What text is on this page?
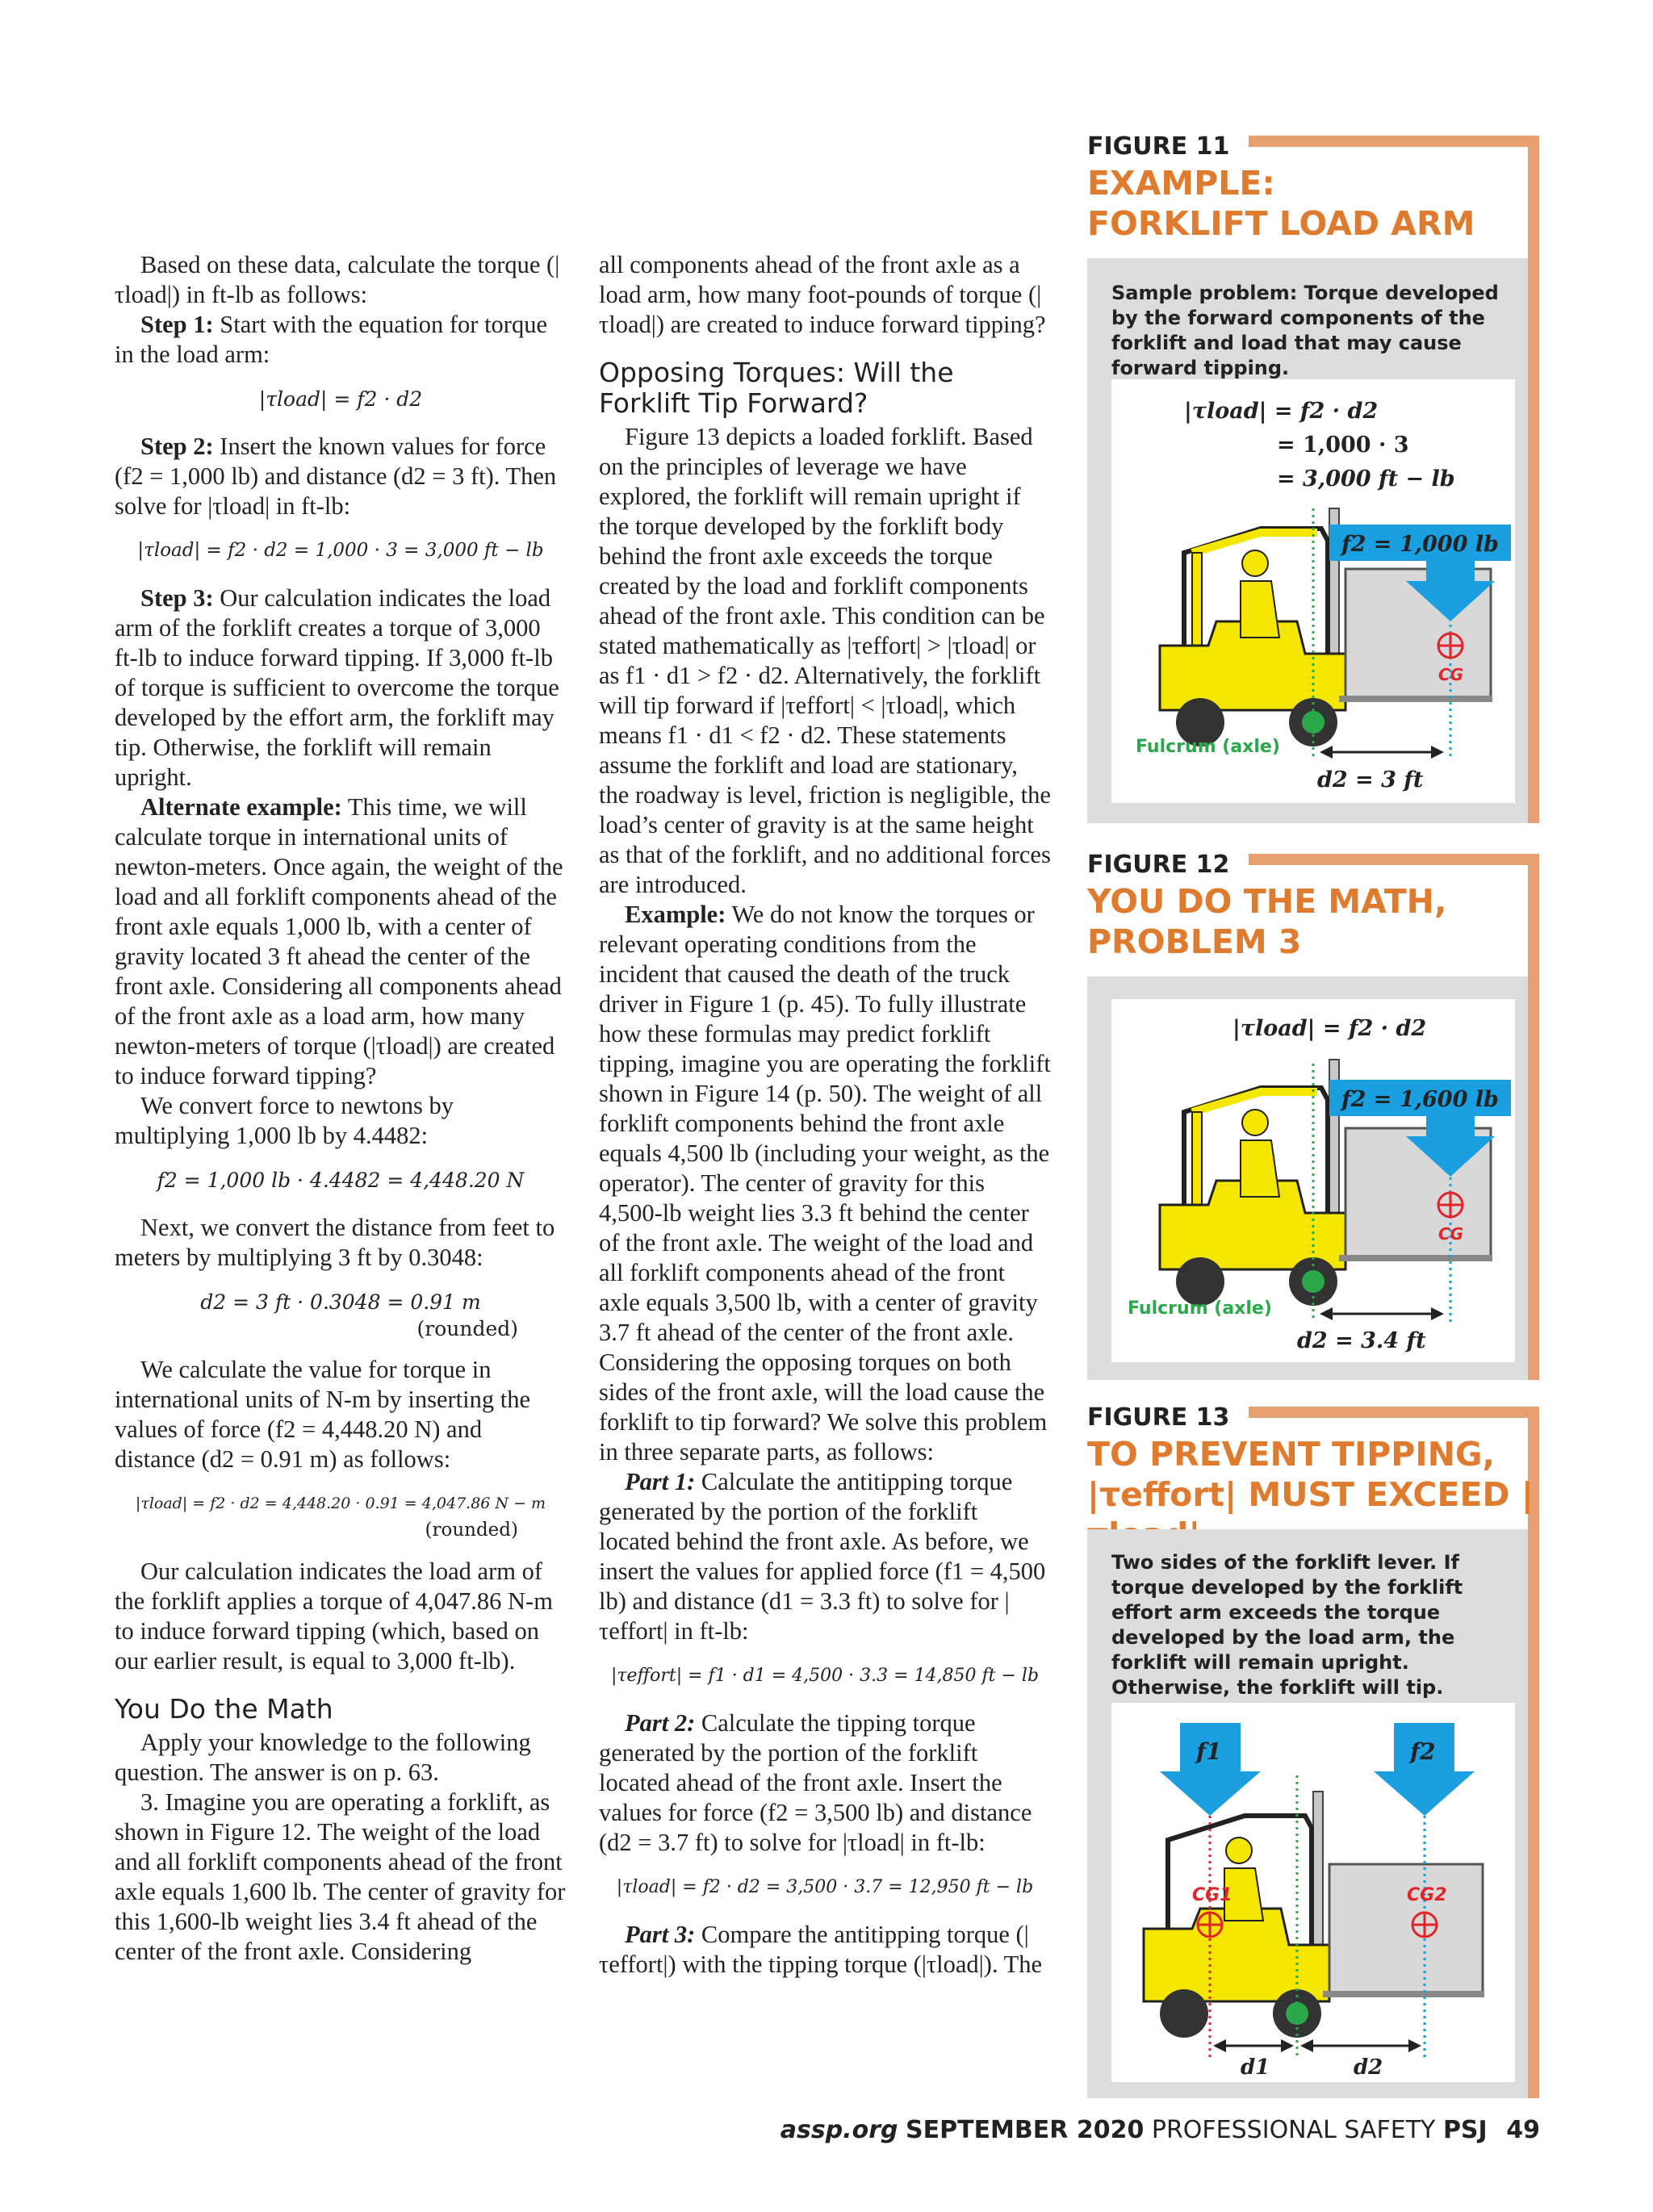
Based on these data, calculate the torque (|τload|) in ft-lb as follows:

Step 1: Start with the equation for torque in the load arm:

|τload| = f2 · d2

Step 2: Insert the known values for force (f2 = 1,000 lb) and distance (d2 = 3 ft). Then solve for |τload| in ft-lb:

|τload| = f2 · d2 = 1,000 · 3 = 3,000 ft − lb

Step 3: Our calculation indicates the load arm of the forklift creates a torque of 3,000 ft-lb to induce forward tipping. If 3,000 ft-lb of torque is sufficient to overcome the torque developed by the effort arm, the forklift may tip. Otherwise, the forklift will remain upright.

Alternate example: This time, we will calculate torque in international units of newton-meters. Once again, the weight of the load and all forklift components ahead of the front axle equals 1,000 lb, with a center of gravity located 3 ft ahead the center of the front axle. Considering all components ahead of the front axle as a load arm, how many newton-meters of torque (|τload|) are created to induce forward tipping?

We convert force to newtons by multiplying 1,000 lb by 4.4482:

f2 = 1,000 lb · 4.4482 = 4,448.20 N

Next, we convert the distance from feet to meters by multiplying 3 ft by 0.3048:

d2 = 3 ft · 0.3048 = 0.91 m
(rounded)

We calculate the value for torque in international units of N-m by inserting the values of force (f2 = 4,448.20 N) and distance (d2 = 0.91 m) as follows:

|τload| = f2 · d2 = 4,448.20 · 0.91 = 4,047.86 N − m
(rounded)

Our calculation indicates the load arm of the forklift applies a torque of 4,047.86 N-m to induce forward tipping (which, based on our earlier result, is equal to 3,000 ft-lb).

You Do the Math

Apply your knowledge to the following question. The answer is on p. 63.

3. Imagine you are operating a forklift, as shown in Figure 12. The weight of the load and all forklift components ahead of the front axle equals 1,600 lb. The center of gravity for this 1,600-lb weight lies 3.4 ft ahead of the center of the front axle. Considering

all components ahead of the front axle as a load arm, how many foot-pounds of torque (|τload|) are created to induce forward tipping?

Opposing Torques: Will the Forklift Tip Forward?

Figure 13 depicts a loaded forklift. Based on the principles of leverage we have explored, the forklift will remain upright if the torque developed by the forklift body behind the front axle exceeds the torque created by the load and forklift components ahead of the front axle. This condition can be stated mathematically as |τeffort| > |τload| or as f1 · d1 > f2 · d2. Alternatively, the forklift will tip forward if |τeffort| < |τload|, which means f1 · d1 < f2 · d2. These statements assume the forklift and load are stationary, the roadway is level, friction is negligible, the load’s center of gravity is at the same height as that of the forklift, and no additional forces are introduced.

Example: We do not know the torques or relevant operating conditions from the incident that caused the death of the truck driver in Figure 1 (p. 45). To fully illustrate how these formulas may predict forklift tipping, imagine you are operating the forklift shown in Figure 14 (p. 50). The weight of all forklift components behind the front axle equals 4,500 lb (including your weight, as the operator). The center of gravity for this 4,500-lb weight lies 3.3 ft behind the center of the front axle. The weight of the load and all forklift components ahead of the front axle equals 3,500 lb, with a center of gravity 3.7 ft ahead of the center of the front axle. Considering the opposing torques on both sides of the front axle, will the load cause the forklift to tip forward? We solve this problem in three separate parts, as follows:

Part 1: Calculate the antitipping torque generated by the portion of the forklift located behind the front axle. As before, we insert the values for applied force (f1 = 4,500 lb) and distance (d1 = 3.3 ft) to solve for |τeffort| in ft-lb:

|τeffort| = f1 · d1 = 4,500 · 3.3 = 14,850 ft − lb

Part 2: Calculate the tipping torque generated by the portion of the forklift located ahead of the front axle. Insert the values for force (f2 = 3,500 lb) and distance (d2 = 3.7 ft) to solve for |τload| in ft-lb:

|τload| = f2 · d2 = 3,500 · 3.7 = 12,950 ft − lb

Part 3: Compare the antitipping torque (|τeffort|) with the tipping torque (|τload|). The

FIGURE 11
EXAMPLE:
FORKLIFT LOAD ARM
Sample problem: Torque developed by the forward components of the forklift and load that may cause forward tipping.
|τload| = f2 · d2
= 1,000 · 3
= 3,000 ft − lb
f2 = 1,000 lb
CG
Fulcrum (axle)
d2 = 3 ft
FIGURE 12
YOU DO THE MATH,
PROBLEM 3
|τload| = f2 · d2
f2 = 1,600 lb
CG
Fulcrum (axle)
d2 = 3.4 ft
FIGURE 13
TO PREVENT TIPPING,
|τeffort| MUST EXCEED |
Two sides of the forklift lever. If torque developed by the forklift effort arm exceeds the torque developed by the load arm, the forklift will remain upright. Otherwise, the forklift will tip.
f1	f2
CG1	CG2
d1	d2
assp.org SEPTEMBER 2020 PROFESSIONAL SAFETY PSJ 49
